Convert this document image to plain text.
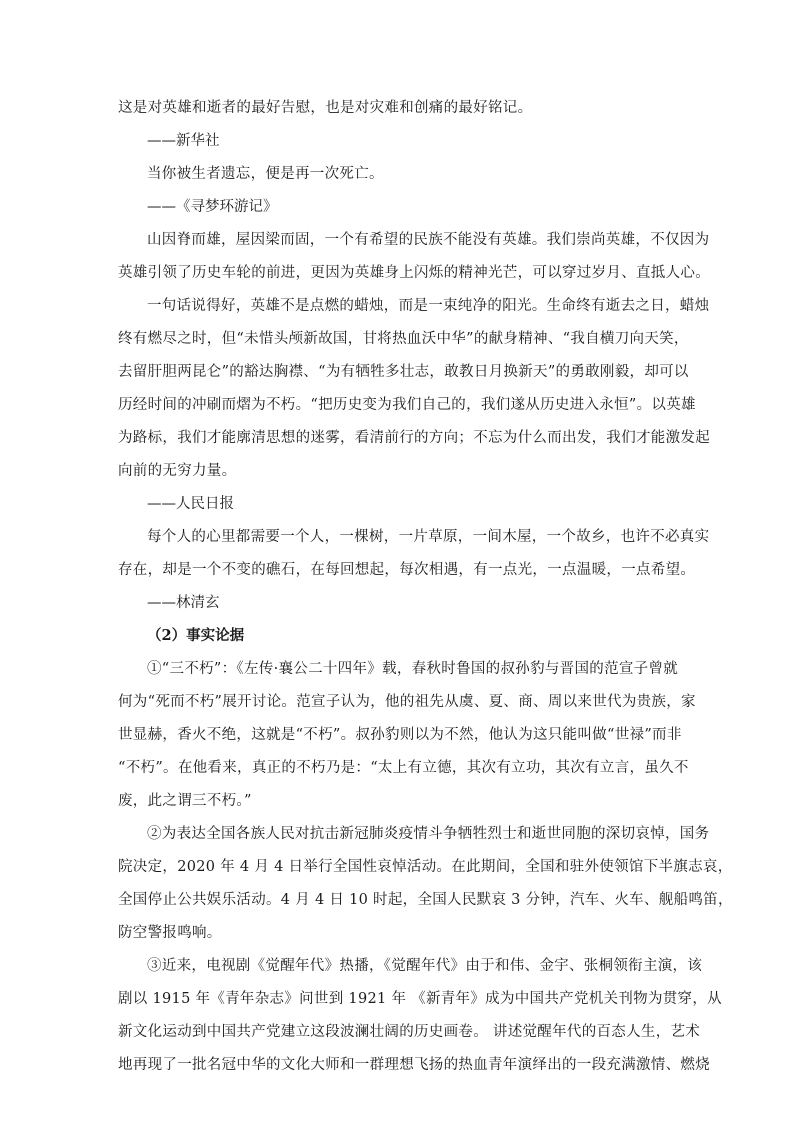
这是对英雄和逝者的最好告慰，也是对灾难和创痛的最好铭记。

——新华社

当你被生者遗忘，便是再一次死亡。

——《寻梦环游记》

山因脊而雄，屋因梁而固，一个有希望的民族不能没有英雄。我们崇尚英雄，不仅因为

英雄引领了历史车轮的前进，更因为英雄身上闪烁的精神光芒，可以穿过岁月、直抵人心。

一句话说得好，英雄不是点燃的蜡烛，而是一束纯净的阳光。生命终有逝去之日，蜡烛

终有燃尽之时，但“未惜头颅新故国，甘将热血沃中华”的献身精神、“我自横刀向天笑，

去留肝胆两昆仑”的豁达胸襟、“为有牺牲多壮志，敢教日月换新天”的勇敢刚毅，却可以

历经时间的冲刷而熠为不朽。“把历史变为我们自己的，我们遂从历史进入永恒”。以英雄

为路标，我们才能廓清思想的迷雾，看清前行的方向；不忘为什么而出发，我们才能激发起

向前的无穷力量。

——人民日报

每个人的心里都需要一个人，一棵树，一片草原，一间木屋，一个故乡，也许不必真实

存在，却是一个不变的礁石，在每回想起，每次相遇，有一点光，一点温暖，一点希望。

——林清玄

（2）事实论据

①“三不朽”：《左传·襄公二十四年》载，春秋时鲁国的叔孙豹与晋国的范宣子曾就

何为“死而不朽”展开讨论。范宣子认为，他的祖先从虞、夏、商、周以来世代为贵族，家

世显赫，香火不绝，这就是“不朽”。叔孙豹则以为不然，他认为这只能叫做“世禄”而非

“不朽”。在他看来，真正的不朽乃是：“太上有立德，其次有立功，其次有立言，虽久不

废，此之谓三不朽。”

②为表达全国各族人民对抗击新冠肺炎疫情斗争牺牲烈士和逝世同胞的深切哀悼，国务

院决定，2020 年 4 月 4 日举行全国性哀悼活动。在此期间，全国和驻外使领馆下半旗志哀，

全国停止公共娱乐活动。4 月 4 日 10 时起，全国人民默哀 3 分钟，汽车、火车、舰船鸣笛，

防空警报鸣响。

③近来，电视剧《觉醒年代》热播，《觉醒年代》由于和伟、金宇、张桐领衔主演，该

剧以 1915 年《青年杂志》问世到 1921 年 《新青年》成为中国共产党机关刊物为贯穿，从

新文化运动到中国共产党建立这段波澜壮阔的历史画卷。 讲述觉醒年代的百态人生，艺术

地再现了一批名冠中华的文化大师和一群理想飞扬的热血青年演绎出的一段充满激情、燃烧
